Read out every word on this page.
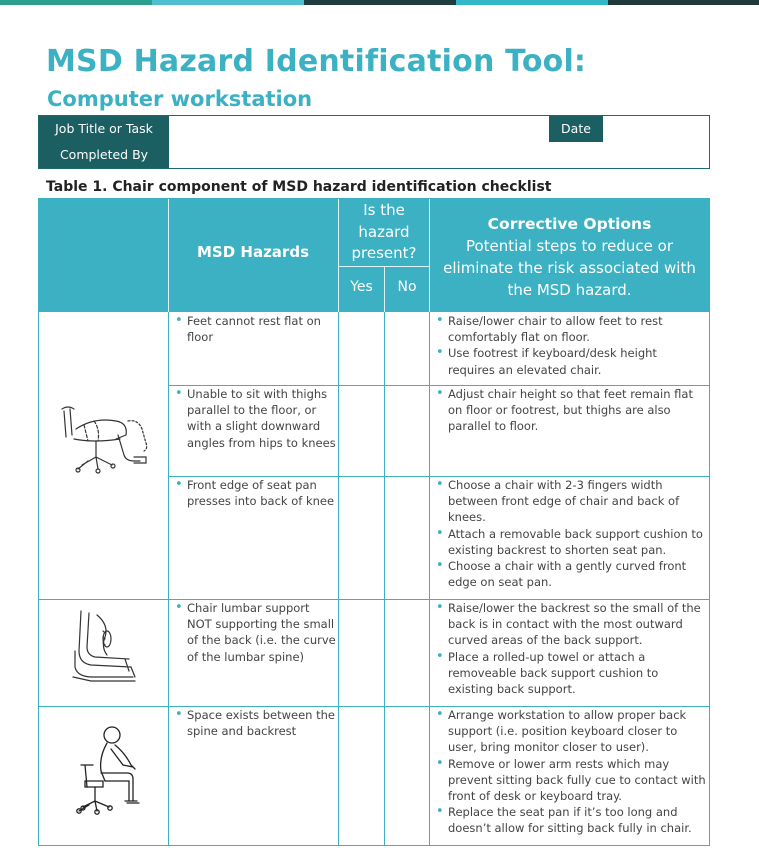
MSD Hazard Identification Tool:
Computer workstation
Job Title or Task	Date
Completed By
Table 1. Chair component of MSD hazard identification checklist
MSD Hazards
Is the
hazard
present?
Yes	No
Corrective Options
Potential steps to reduce or eliminate the risk associated with the MSD hazard.
• Feet cannot rest flat on floor
• Raise/lower chair to allow feet to rest comfortably flat on floor.
• Use footrest if keyboard/desk height requires an elevated chair.
• Unable to sit with thighs parallel to the floor, or with a slight downward angles from hips to knees
• Adjust chair height so that feet remain flat on floor or footrest, but thighs are also parallel to floor.
• Front edge of seat pan presses into back of knee
• Choose a chair with 2-3 fingers width between front edge of chair and back of knees.
• Attach a removable back support cushion to existing backrest to shorten seat pan.
• Choose a chair with a gently curved front edge on seat pan.
• Chair lumbar support NOT supporting the small of the back (i.e. the curve of the lumbar spine)
• Raise/lower the backrest so the small of the back is in contact with the most outward curved areas of the back support.
• Place a rolled-up towel or attach a removeable back support cushion to existing back support.
• Space exists between the spine and backrest
• Arrange workstation to allow proper back support (i.e. position keyboard closer to user, bring monitor closer to user).
• Remove or lower arm rests which may prevent sitting back fully cue to contact with front of desk or keyboard tray.
• Replace the seat pan if it’s too long and doesn’t allow for sitting back fully in chair.
